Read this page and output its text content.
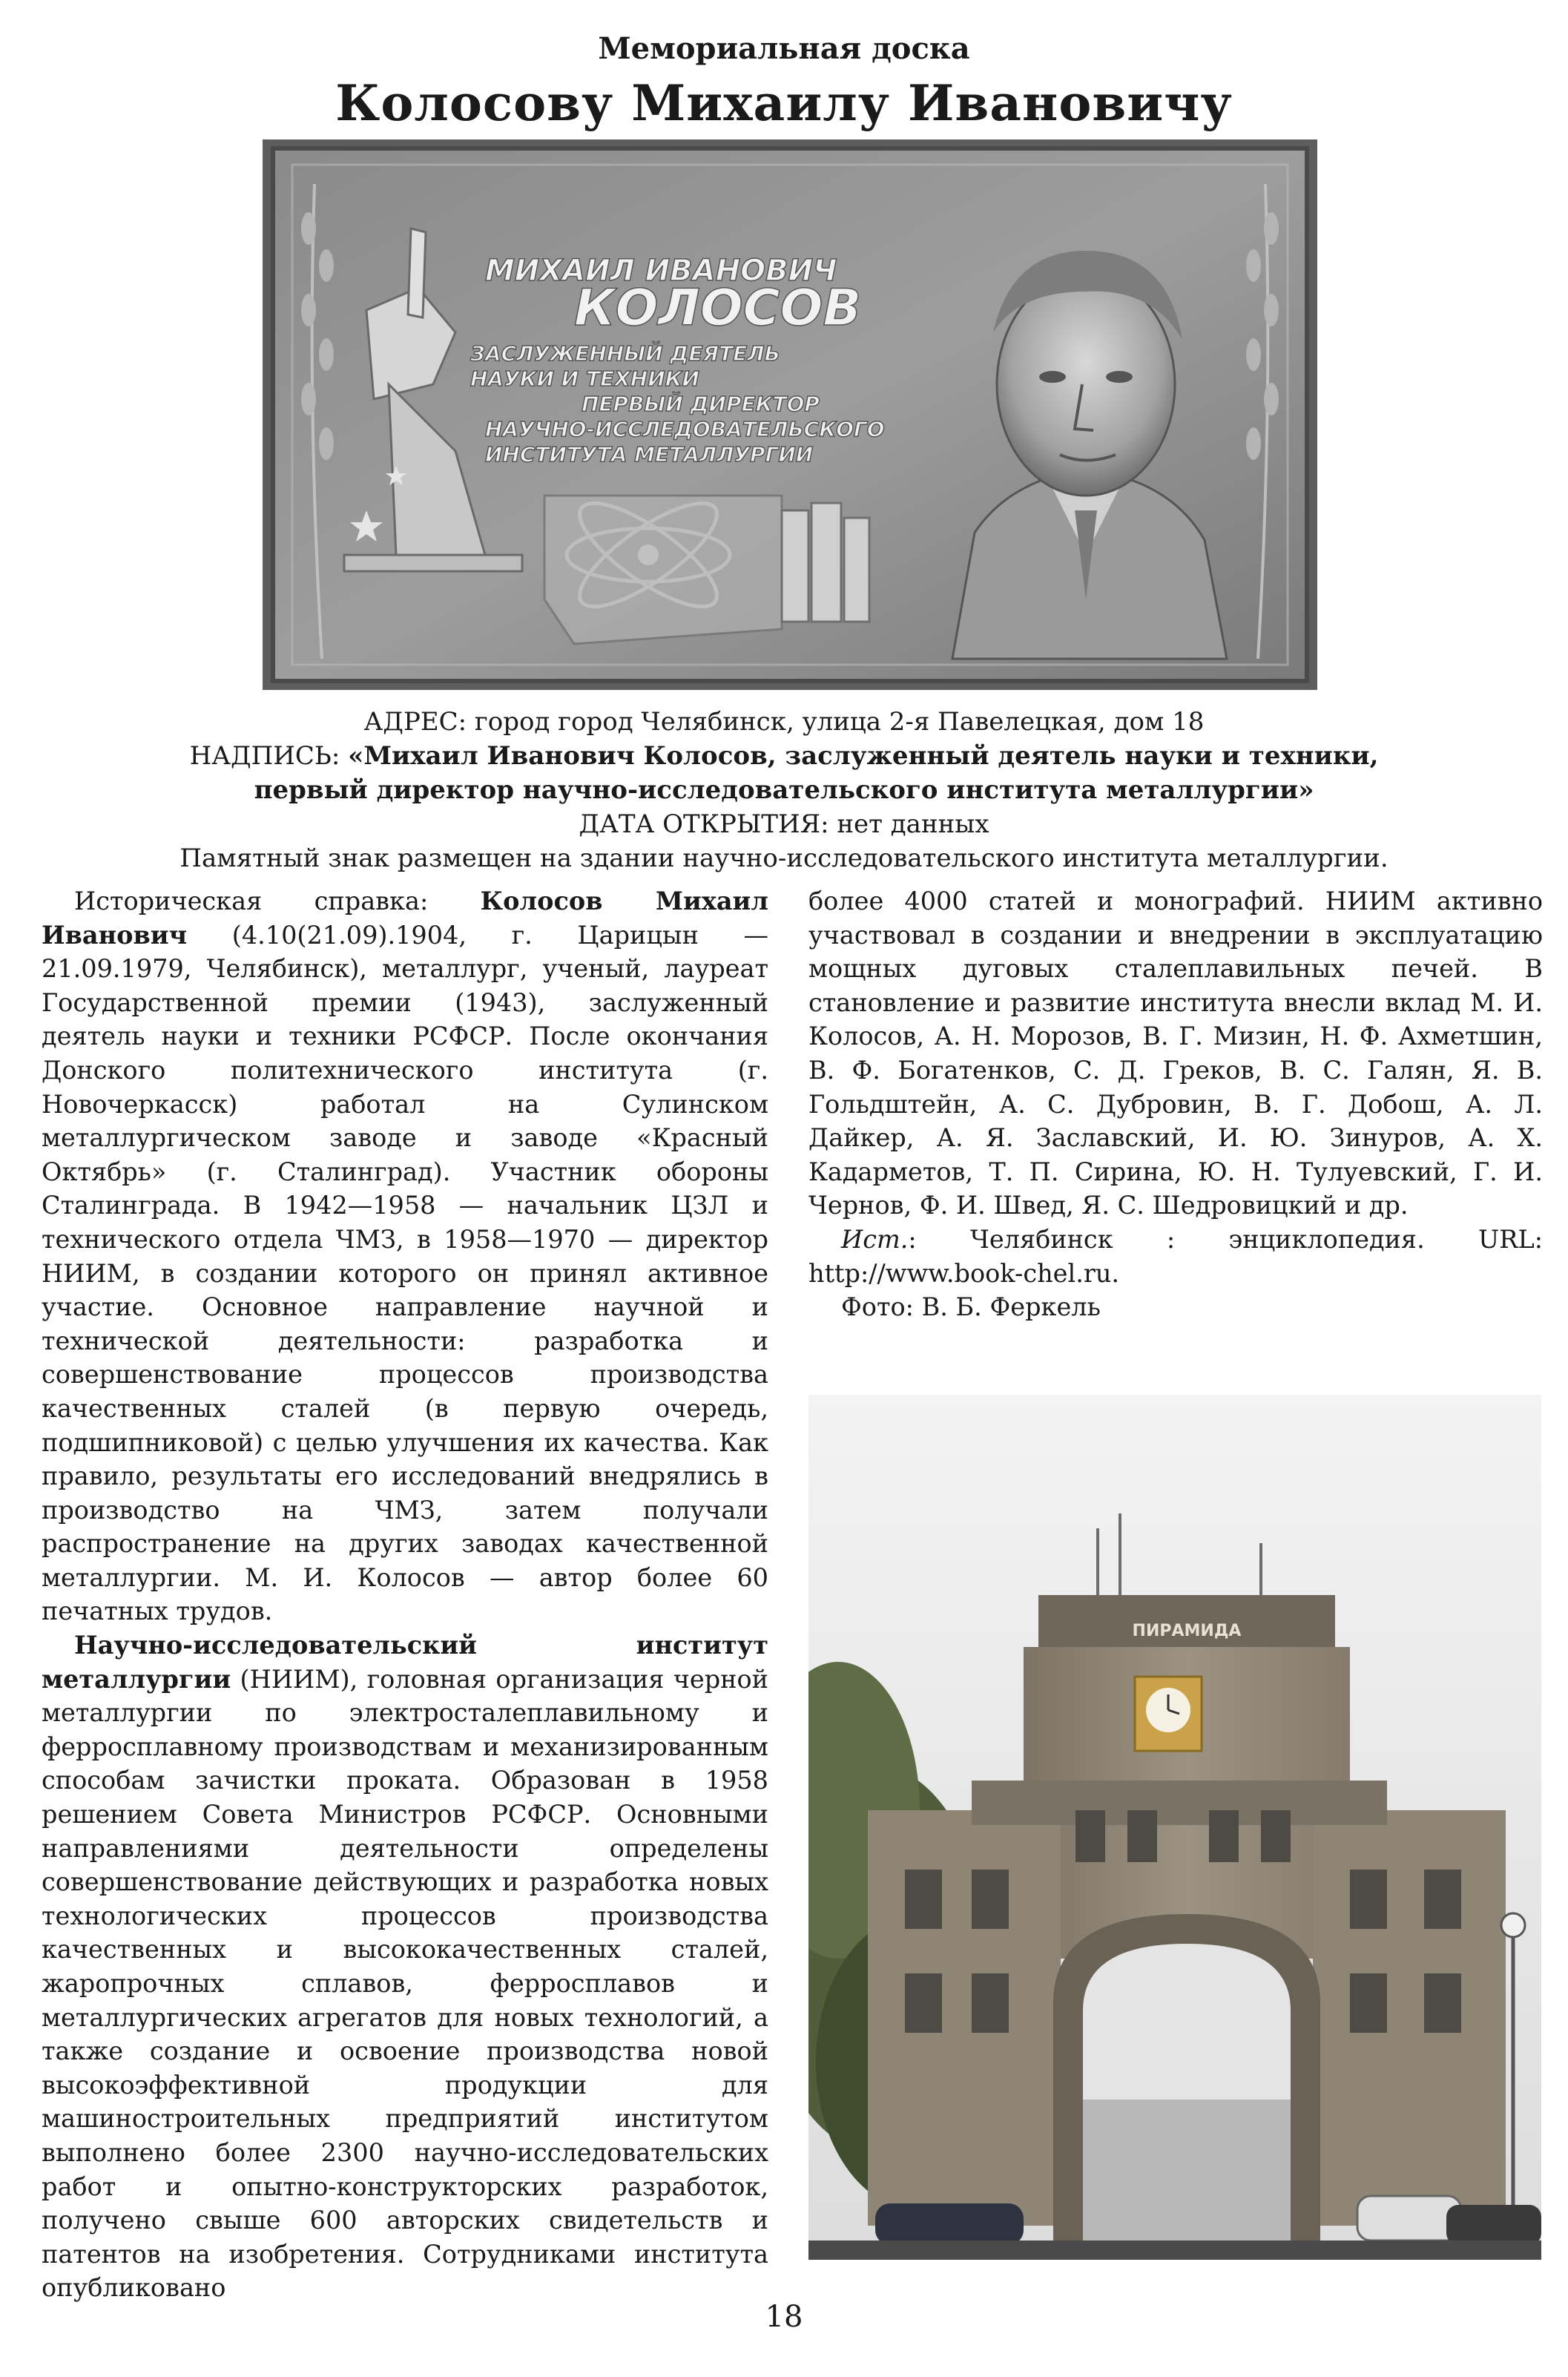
Мемориальная доска
Колосову Михаилу Ивановичу
МИХАИЛ ИВАНОВИЧ
КОЛОСОВ
ЗАСЛУЖЕННЫЙ ДЕЯТЕЛЬ
НАУКИ И ТЕХНИКИ
ПЕРВЫЙ ДИРЕКТОР
НАУЧНО-ИССЛЕДОВАТЕЛЬСКОГО
ИНСТИТУТА МЕТАЛЛУРГИИ
АДРЕС: город город Челябинск, улица 2-я Павелецкая, дом 18
НАДПИСЬ: «Михаил Иванович Колосов, заслуженный деятель науки и техники,
первый директор научно-исследовательского института металлургии»
ДАТА ОТКРЫТИЯ: нет данных
Памятный знак размещен на здании научно-исследовательского института металлургии.

Историческая справка: Колосов Михаил Иванович (4.10(21.09).1904, г. Царицын — 21.09.1979, Челябинск), металлург, ученый, лауреат Государственной премии (1943), заслуженный деятель науки и техники РСФСР. После окончания Донского политехнического института (г. Новочеркасск) работал на Сулинском металлургическом заводе и заводе «Красный Октябрь» (г. Сталинград). Участник обороны Сталинграда. В 1942—1958 — начальник ЦЗЛ и технического отдела ЧМЗ, в 1958—1970 — директор НИИМ, в создании которого он принял активное участие. Основное направление научной и технической деятельности: разработка и совершенствование процессов производства качественных сталей (в первую очередь, подшипниковой) с целью улучшения их качества. Как правило, результаты его исследований внедрялись в производство на ЧМЗ, затем получали распространение на других заводах качественной металлургии. М. И. Колосов — автор более 60 печатных трудов.

Научно-исследовательский институт металлургии (НИИМ), головная организация черной металлургии по электросталеплавильному и ферросплавному производствам и механизированным способам зачистки проката. Образован в 1958 решением Совета Министров РСФСР. Основными направлениями деятельности определены совершенствование действующих и разработка новых технологических процессов производства качественных и высококачественных сталей, жаропрочных сплавов, ферросплавов и металлургических агрегатов для новых технологий, а также создание и освоение производства новой высокоэффективной продукции для машиностроительных предприятий институтом выполнено более 2300 научно-исследовательских работ и опытно-конструкторских разработок, получено свыше 600 авторских свидетельств и патентов на изобретения. Сотрудниками института опубликовано

более 4000 статей и монографий. НИИМ активно участвовал в создании и внедрении в эксплуатацию мощных дуговых сталеплавильных печей. В становление и развитие института внесли вклад М. И. Колосов, А. Н. Морозов, В. Г. Мизин, Н. Ф. Ахметшин, В. Ф. Богатенков, С. Д. Греков, В. С. Галян, Я. В. Гольдштейн, А. С. Дубровин, В. Г. Добош, А. Л. Дайкер, А. Я. Заславский, И. Ю. Зинуров, А. Х. Кадарметов, Т. П. Сирина, Ю. Н. Тулуевский, Г. И. Чернов, Ф. И. Швед, Я. С. Шедровицкий и др.

Ист.: Челябинск : энциклопедия. URL: http://www.book-chel.ru.

Фото: В. Б. Феркель

ПИРАМИДА
18
